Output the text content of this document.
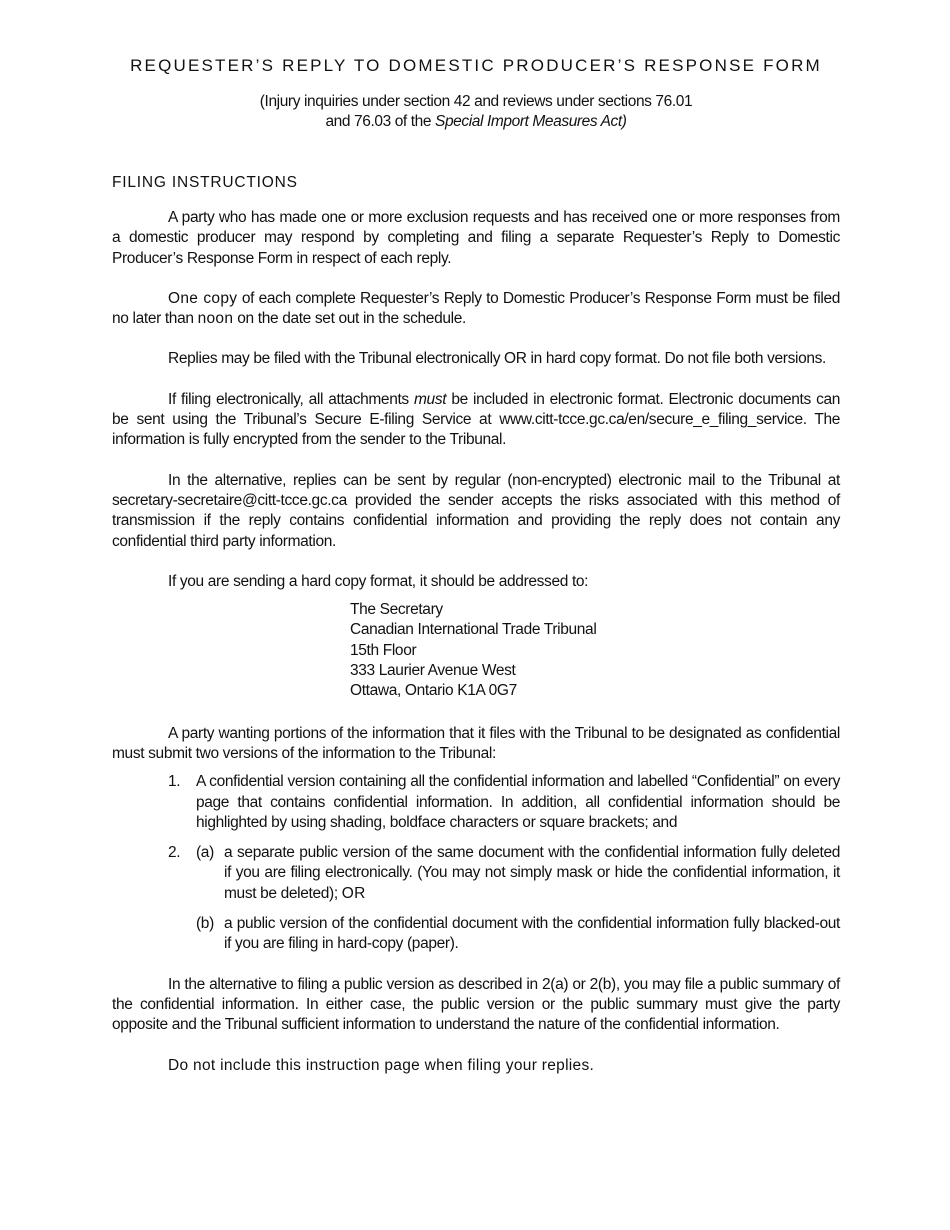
REQUESTER’S REPLY TO DOMESTIC PRODUCER’S RESPONSE FORM
(Injury inquiries under section 42 and reviews under sections 76.01
and 76.03 of the Special Import Measures Act)
FILING INSTRUCTIONS

A party who has made one or more exclusion requests and has received one or more responses from a domestic producer may respond by completing and filing a separate Requester’s Reply to Domestic Producer’s Response Form in respect of each reply.

One copy of each complete Requester’s Reply to Domestic Producer’s Response Form must be filed no later than noon on the date set out in the schedule.

Replies may be filed with the Tribunal electronically OR in hard copy format. Do not file both versions.

If filing electronically, all attachments must be included in electronic format. Electronic documents can be sent using the Tribunal’s Secure E-filing Service at www.citt-tcce.gc.ca/en/secure_e_filing_service. The information is fully encrypted from the sender to the Tribunal.

In the alternative, replies can be sent by regular (non-encrypted) electronic mail to the Tribunal at secretary-secretaire@citt-tcce.gc.ca provided the sender accepts the risks associated with this method of transmission if the reply contains confidential information and providing the reply does not contain any confidential third party information.

If you are sending a hard copy format, it should be addressed to:

The Secretary
Canadian International Trade Tribunal
15th Floor
333 Laurier Avenue West
Ottawa, Ontario K1A 0G7

A party wanting portions of the information that it files with the Tribunal to be designated as confidential must submit two versions of the information to the Tribunal:

1.	A confidential version containing all the confidential information and labelled “Confidential” on every page that contains confidential information. In addition, all confidential information should be highlighted by using shading, boldface characters or square brackets; and
2.	(a) a separate public version of the same document with the confidential information fully deleted if you are filing electronically. (You may not simply mask or hide the confidential information, it must be deleted); OR
(b) a public version of the confidential document with the confidential information fully blacked-out if you are filing in hard-copy (paper).

In the alternative to filing a public version as described in 2(a) or 2(b), you may file a public summary of the confidential information. In either case, the public version or the public summary must give the party opposite and the Tribunal sufficient information to understand the nature of the confidential information.

Do not include this instruction page when filing your replies.
